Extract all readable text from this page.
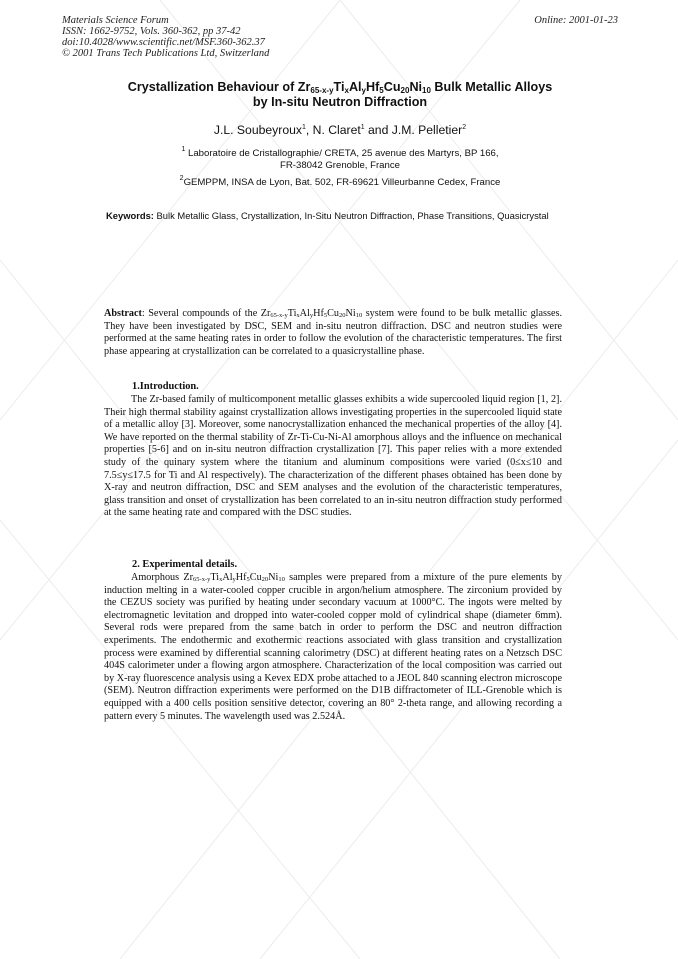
Materials Science Forum
ISSN: 1662-9752, Vols. 360-362, pp 37-42
doi:10.4028/www.scientific.net/MSF.360-362.37
© 2001 Trans Tech Publications Ltd, Switzerland
Online: 2001-01-23
Crystallization Behaviour of $Zr_{65-x-y}Ti_xAl_yHf_5Cu_{20}Ni_{10}$ Bulk Metallic Alloys
by In-situ Neutron Diffraction
J.L. Soubeyroux$^1$, N. Claret$^1$ and J.M. Pelletier$^2$
$^1$ Laboratoire de Cristallographie/ CRETA, 25 avenue des Martyrs, BP 166,
FR-38042 Grenoble, France
$^2$GEMPPM, INSA de Lyon, Bat. 502, FR-69621 Villeurbanne Cedex, France
Keywords: Bulk Metallic Glass, Crystallization, In-Situ Neutron Diffraction, Phase Transitions, Quasicrystal

Abstract: Several compounds of the $Zr_{65-x-y}Ti_xAl_yHf_5Cu_{20}Ni_{10}$ system were found to be bulk metallic glasses. They have been investigated by DSC, SEM and in-situ neutron diffraction. DSC and neutron studies were performed at the same heating rates in order to follow the evolution of the characteristic temperatures. The first phase appearing at crystallization can be correlated to a quasicrystalline phase.

1.Introduction.

The Zr-based family of multicomponent metallic glasses exhibits a wide supercooled liquid region [1, 2]. Their high thermal stability against crystallization allows investigating properties in the supercooled liquid state of a metallic alloy [3]. Moreover, some nanocrystallization enhanced the mechanical properties of the alloy [4]. We have reported on the thermal stability of Zr-Ti-Cu-Ni-Al amorphous alloys and the influence on mechanical properties [5-6] and on in-situ neutron diffraction crystallization [7]. This paper relies with a more extended study of the quinary system where the titanium and aluminum compositions were varied (0≤x≤10 and 7.5≤y≤17.5 for Ti and Al respectively). The characterization of the different phases obtained has been done by X-ray and neutron diffraction, DSC and SEM analyses and the evolution of the characteristic temperatures, glass transition and onset of crystallization has been correlated to an in-situ neutron diffraction study performed at the same heating rate and compared with the DSC studies.

2. Experimental details.

Amorphous $Zr_{65-x-y}Ti_xAl_yHf_5Cu_{20}Ni_{10}$ samples were prepared from a mixture of the pure elements by induction melting in a water-cooled copper crucible in argon/helium atmosphere. The zirconium provided by the CEZUS society was purified by heating under secondary vacuum at 1000°C. The ingots were melted by electromagnetic levitation and dropped into water-cooled copper mold of cylindrical shape (diameter 6mm). Several rods were prepared from the same batch in order to perform the DSC and neutron diffraction experiments. The endothermic and exothermic reactions associated with glass transition and crystallization process were examined by differential scanning calorimetry (DSC) at different heating rates on a Netzsch DSC 404S calorimeter under a flowing argon atmosphere. Characterization of the local composition was carried out by X-ray fluorescence analysis using a Kevex EDX probe attached to a JEOL 840 scanning electron microscope (SEM). Neutron diffraction experiments were performed on the D1B diffractometer of ILL-Grenoble which is equipped with a 400 cells position sensitive detector, covering an 80° 2-theta range, and allowing recording a pattern every 5 minutes. The wavelength used was 2.524Å.
